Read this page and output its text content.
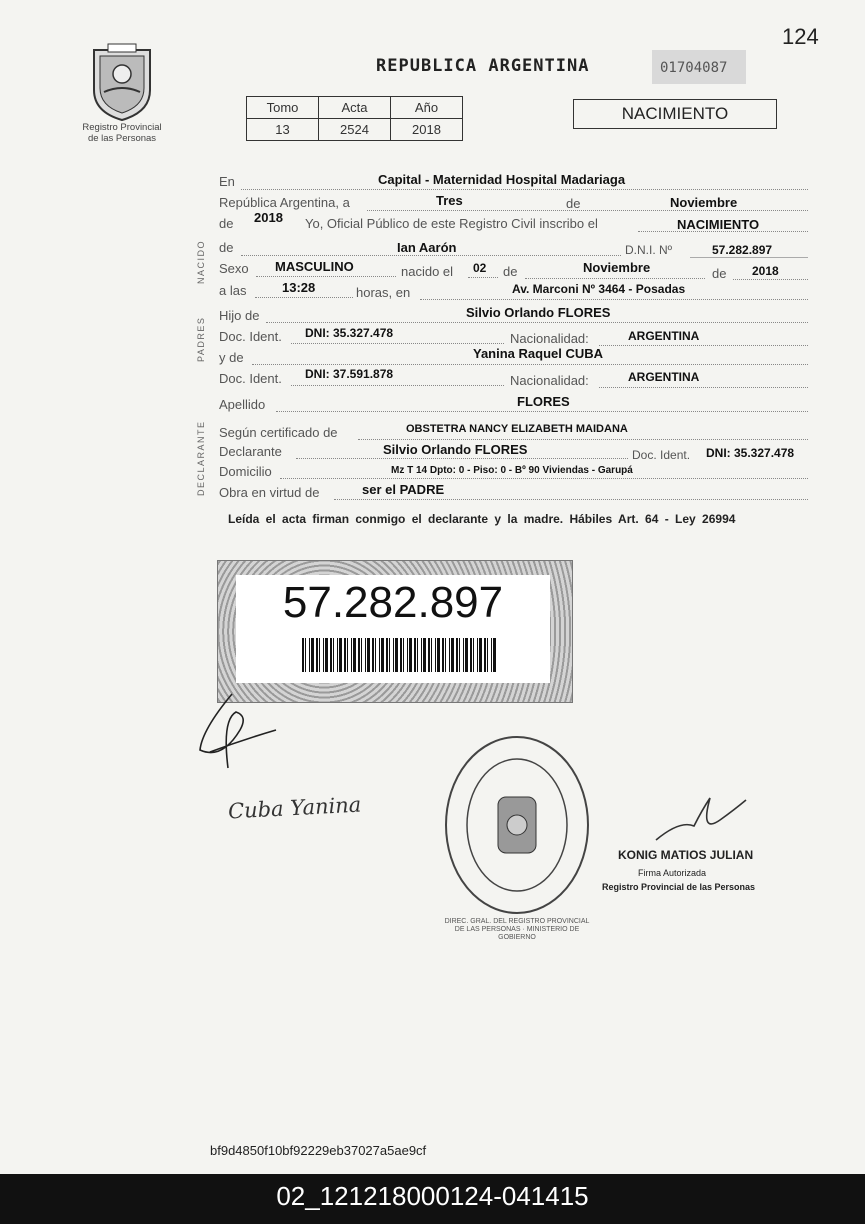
124
Registro Provincial
de las Personas
REPUBLICA ARGENTINA	01704087
Tomo	Acta	Año
13	2524	2018
NACIMIENTO
NACIDO
PADRES
DECLARANTE
En	Capital - Maternidad Hospital Madariaga
República Argentina, a	Tres	de	Noviembre
de 2018 Yo, Oficial Público de este Registro Civil inscribo el	NACIMIENTO
de	Ian Aarón	D.N.I. Nº	57.282.897
Sexo MASCULINO	nacido el 02 de	Noviembre	de 2018
a las	13:28	horas, en	Av. Marconi Nº 3464 - Posadas
Hijo de	Silvio Orlando FLORES
Doc. Ident. DNI: 35.327.478	Nacionalidad:	ARGENTINA
y de	Yanina Raquel CUBA
Doc. Ident. DNI: 37.591.878	Nacionalidad:	ARGENTINA
Apellido	FLORES
Según certificado de	OBSTETRA NANCY ELIZABETH MAIDANA
Declarante	Silvio Orlando FLORES	Doc. Ident. DNI: 35.327.478
Domicilio	Mz T 14 Dpto: 0 - Piso: 0 - Bº 90 Viviendas - Garupá
Obra en virtud de	ser el PADRE
Leída el acta firman conmigo el declarante y la madre. Hábiles Art. 64 - Ley 26994
57.282.897
Cuba Yanina
DIREC. GRAL. DEL REGISTRO PROVINCIAL DE LAS PERSONAS · MINISTERIO DE GOBIERNO
KONIG MATIOS JULIAN
Firma Autorizada
Registro Provincial de las Personas
bf9d4850f10bf92229eb37027a5ae9cf
02_121218000124-041415
